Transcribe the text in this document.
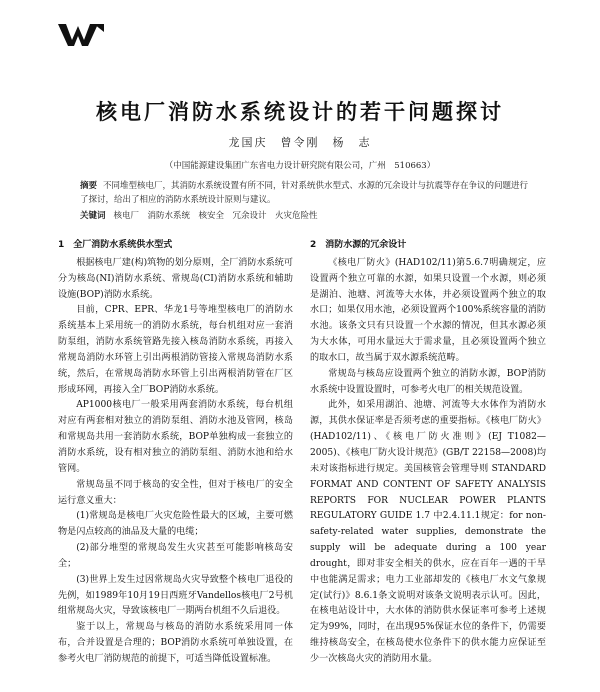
核电厂消防水系统设计的若干问题探讨
龙国庆　曾令刚　杨　志
（中国能源建设集团广东省电力设计研究院有限公司，广州　510663）
摘要 不同堆型核电厂，其消防水系统设置有所不同，针对系统供水型式、水源的冗余设计与抗震等存在争议的问题进行了探讨，给出了相应的消防水系统设计原则与建议。
关键词 核电厂　消防水系统　核安全　冗余设计　火灾危险性
1　全厂消防水系统供水型式

根据核电厂建(构)筑物的划分原则，全厂消防水系统可分为核岛(NI)消防水系统、常规岛(CI)消防水系统和辅助设施(BOP)消防水系统。

目前，CPR、EPR、华龙1号等堆型核电厂的消防水系统基本上采用统一的消防水系统，每台机组对应一套消防泵组，消防水系统管路先接入核岛消防水系统，再接入常规岛消防水环管上引出两根消防管接入常规岛消防水系统，然后，在常规岛消防水环管上引出两根消防管在厂区形成环网，再接入全厂BOP消防水系统。

AP1000核电厂一般采用两套消防水系统，每台机组对应有两套相对独立的消防泵组、消防水池及管网，核岛和常规岛共用一套消防水系统，BOP单独构成一套独立的消防水系统，设有相对独立的消防泵组、消防水池和给水管网。

常规岛虽不同于核岛的安全性，但对于核电厂的安全运行意义重大：

(1)常规岛是核电厂火灾危险性最大的区域，主要可燃物是闪点较高的油品及大量的电缆；

(2)部分堆型的常规岛发生火灾甚至可能影响核岛安全；

(3)世界上发生过因常规岛火灾导致整个核电厂退役的先例，如1989年10月19日西班牙Vandellos核电厂2号机组常规岛火灾，导致该核电厂一期两台机组不久后退役。

鉴于以上，常规岛与核岛的消防水系统采用同一体布，合并设置是合理的；BOP消防水系统可单独设置，在参考火电厂消防规范的前提下，可适当降低设置标准。

2　消防水源的冗余设计

《核电厂防火》(HAD102/11)第5.6.7明确规定，应设置两个独立可靠的水源，如果只设置一个水源，则必须是湖泊、池塘、河流等大水体，并必须设置两个独立的取水口；如果仅用水池，必须设置两个100%系统容量的消防水池。该条文只有只设置一个水源的情况，但其水源必须为大水体，可用水量远大于需求量，且必须设置两个独立的取水口，故当属于双水源系统范畴。

常规岛与核岛应设置两个独立的消防水源，BOP消防水系统中设置设置时，可参考火电厂的相关规范设置。

此外，如采用湖泊、池塘、河流等大水体作为消防水源，其供水保证率是否须考虑的重要指标。《核电厂防火》(HAD102/11)、《核电厂防火准则》(EJ T1082—2005)、《核电厂防火设计规范》(GB/T 22158—2008)均未对该指标进行规定。美国核管会管理导则 STANDARD FORMAT AND CONTENT OF SAFETY ANALYSIS REPORTS FOR NUCLEAR POWER PLANTS REGULATORY GUIDE 1.7 中2.4.11.1规定：for non-safety-related water supplies, demonstrate the supply will be adequate during a 100 year drought，即对非安全相关的供水，应在百年一遇的干旱中也能满足需求；电力工业部却发的《核电厂水文气象规定(试行)》8.6.1条文说明对该条文说明表示认可。因此，在核电站设计中，大水体的消防供水保证率可参考上述规定为99%，同时，在出现95%保证水位的条件下，仍需要维持核岛安全，在核岛使水位条件下的供水能力应保证至少一次核岛火灾的消防用水量。
